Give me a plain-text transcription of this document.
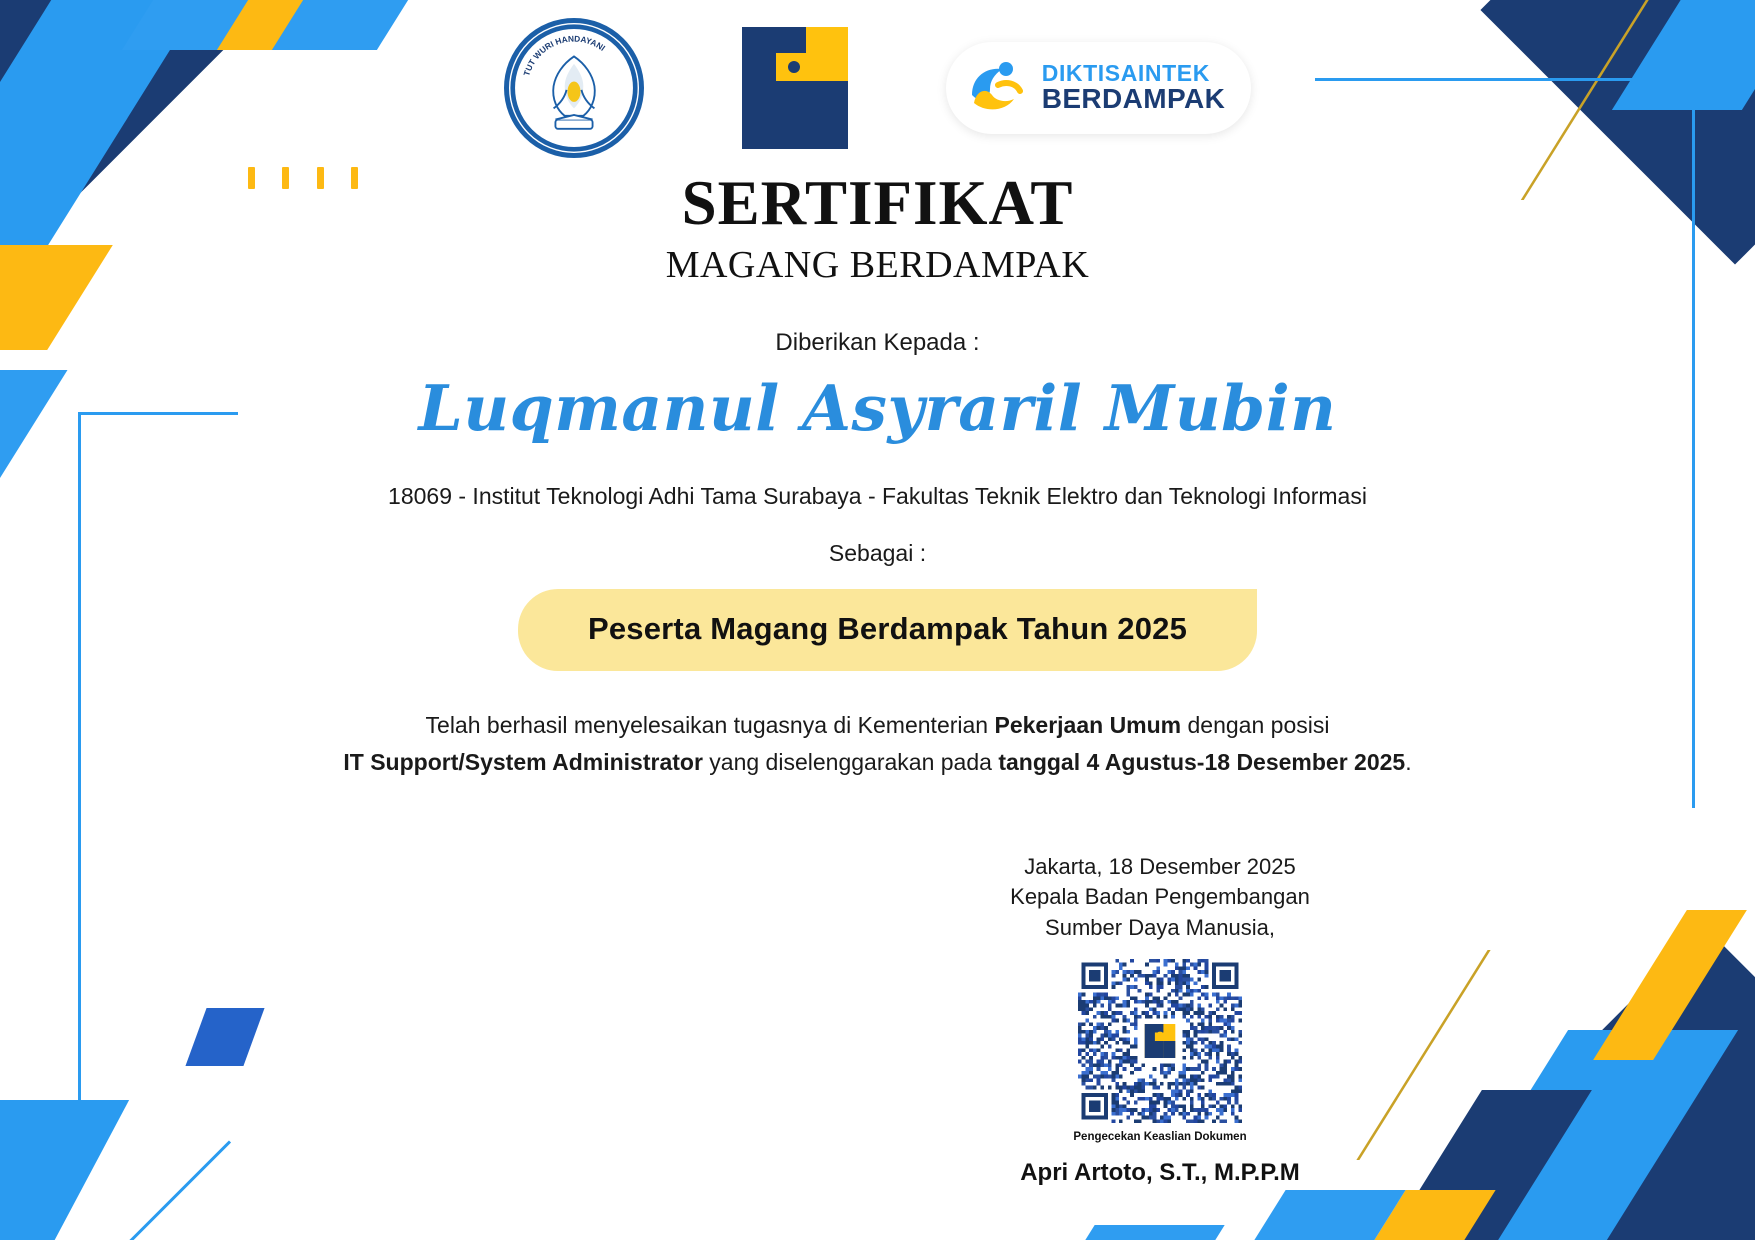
TUT WURI HANDAYANI
DIKTISAINTEK
BERDAMPAK
SERTIFIKAT
MAGANG BERDAMPAK
Diberikan Kepada :
Luqmanul Asyraril Mubin
18069 - Institut Teknologi Adhi Tama Surabaya - Fakultas Teknik Elektro dan Teknologi Informasi
Sebagai :
Peserta Magang Berdampak Tahun 2025
Telah berhasil menyelesaikan tugasnya di Kementerian Pekerjaan Umum dengan posisi
IT Support/System Administrator yang diselenggarakan pada tanggal 4 Agustus-18 Desember 2025.
Jakarta, 18 Desember 2025
Kepala Badan Pengembangan
Sumber Daya Manusia,
Pengecekan Keaslian Dokumen
Apri Artoto, S.T., M.P.P.M
